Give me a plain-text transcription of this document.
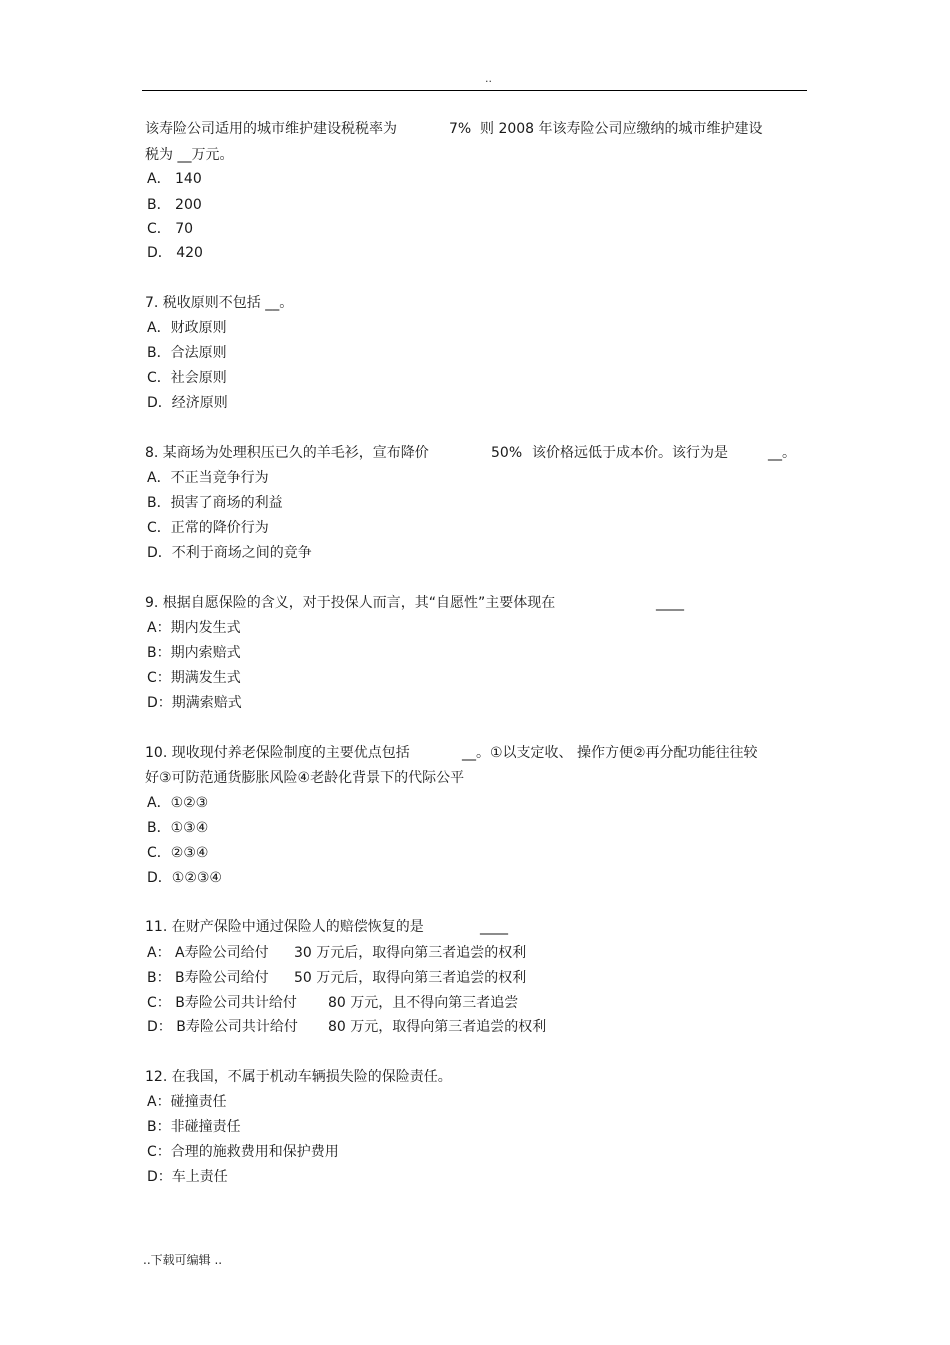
..
该寿险公司适用的城市维护建设税税率为	7% 则 2008 年该寿险公司应缴纳的城市维护建设
税为 __万元。
A． 140
B． 200
C． 70
D． 420
7. 税收原则不包括 __。
A．财政原则
B．合法原则
C．社会原则
D．经济原则
8. 某商场为处理积压已久的羊毛衫，宣布降价	50% 该价格远低于成本价。该行为是	__。
A．不正当竞争行为
B．损害了商场的利益
C．正常的降价行为
D．不利于商场之间的竞争
9. 根据自愿保险的含义，对于投保人而言，其“自愿性”主要体现在	____
A：期内发生式
B：期内索赔式
C：期满发生式
D：期满索赔式
10. 现收现付养老保险制度的主要优点包括	__。①以支定收、 操作方便②再分配功能往往较
好③可防范通货膨胀风险④老龄化背景下的代际公平
A．①②③
B．①③④
C．②③④
D．①②③④
11. 在财产保险中通过保险人的赔偿恢复的是	____
A： A寿险公司给付 30 万元后，取得向第三者追尝的权利
B： B寿险公司给付 50 万元后，取得向第三者追尝的权利
C： B寿险公司共计给付 80 万元，且不得向第三者追尝
D： B寿险公司共计给付 80 万元，取得向第三者追尝的权利
12. 在我国，不属于机动车辆损失险的保险责任。
A：碰撞责任
B：非碰撞责任
C：合理的施救费用和保护费用
D：车上责任
..下载可编辑 ..
